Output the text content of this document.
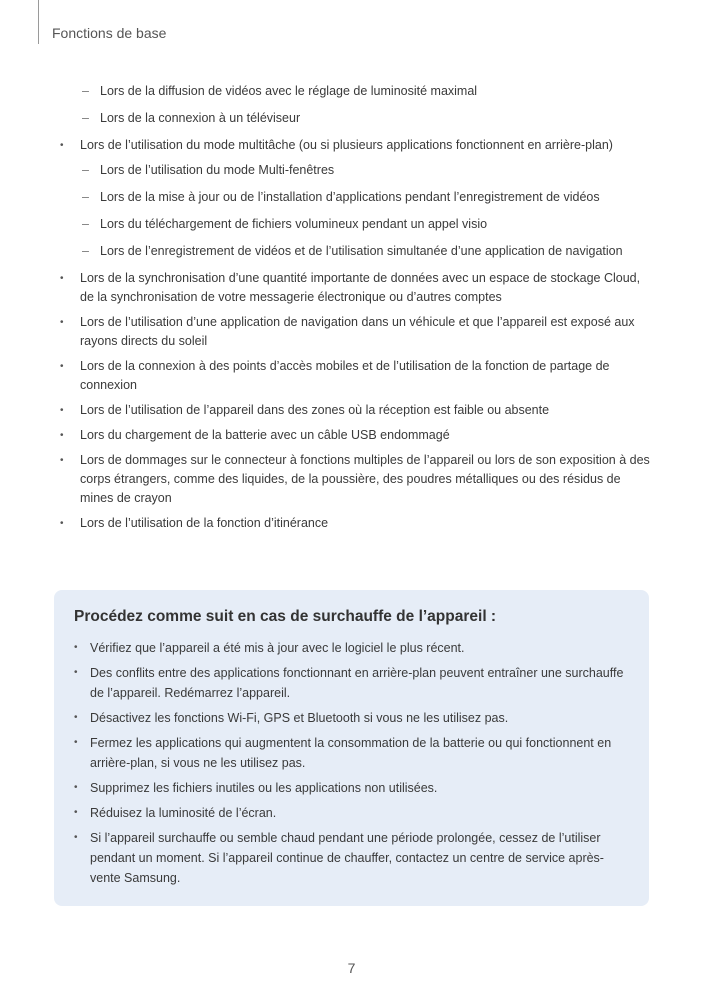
Fonctions de base
– Lors de la diffusion de vidéos avec le réglage de luminosité maximal
– Lors de la connexion à un téléviseur
• Lors de l’utilisation du mode multitâche (ou si plusieurs applications fonctionnent en arrière-plan)
– Lors de l’utilisation du mode Multi-fenêtres
– Lors de la mise à jour ou de l’installation d’applications pendant l’enregistrement de vidéos
– Lors du téléchargement de fichiers volumineux pendant un appel visio
– Lors de l’enregistrement de vidéos et de l’utilisation simultanée d’une application de navigation
• Lors de la synchronisation d’une quantité importante de données avec un espace de stockage Cloud, de la synchronisation de votre messagerie électronique ou d’autres comptes
• Lors de l’utilisation d’une application de navigation dans un véhicule et que l’appareil est exposé aux rayons directs du soleil
• Lors de la connexion à des points d’accès mobiles et de l’utilisation de la fonction de partage de connexion
• Lors de l’utilisation de l’appareil dans des zones où la réception est faible ou absente
• Lors du chargement de la batterie avec un câble USB endommagé
• Lors de dommages sur le connecteur à fonctions multiples de l’appareil ou lors de son exposition à des corps étrangers, comme des liquides, de la poussière, des poudres métalliques ou des résidus de mines de crayon
• Lors de l’utilisation de la fonction d’itinérance
Procédez comme suit en cas de surchauffe de l’appareil :
• Vérifiez que l’appareil a été mis à jour avec le logiciel le plus récent.
• Des conflits entre des applications fonctionnant en arrière-plan peuvent entraîner une surchauffe de l’appareil. Redémarrez l’appareil.
• Désactivez les fonctions Wi-Fi, GPS et Bluetooth si vous ne les utilisez pas.
• Fermez les applications qui augmentent la consommation de la batterie ou qui fonctionnent en arrière-plan, si vous ne les utilisez pas.
• Supprimez les fichiers inutiles ou les applications non utilisées.
• Réduisez la luminosité de l’écran.
• Si l’appareil surchauffe ou semble chaud pendant une période prolongée, cessez de l’utiliser pendant un moment. Si l’appareil continue de chauffer, contactez un centre de service après-vente Samsung.
7
